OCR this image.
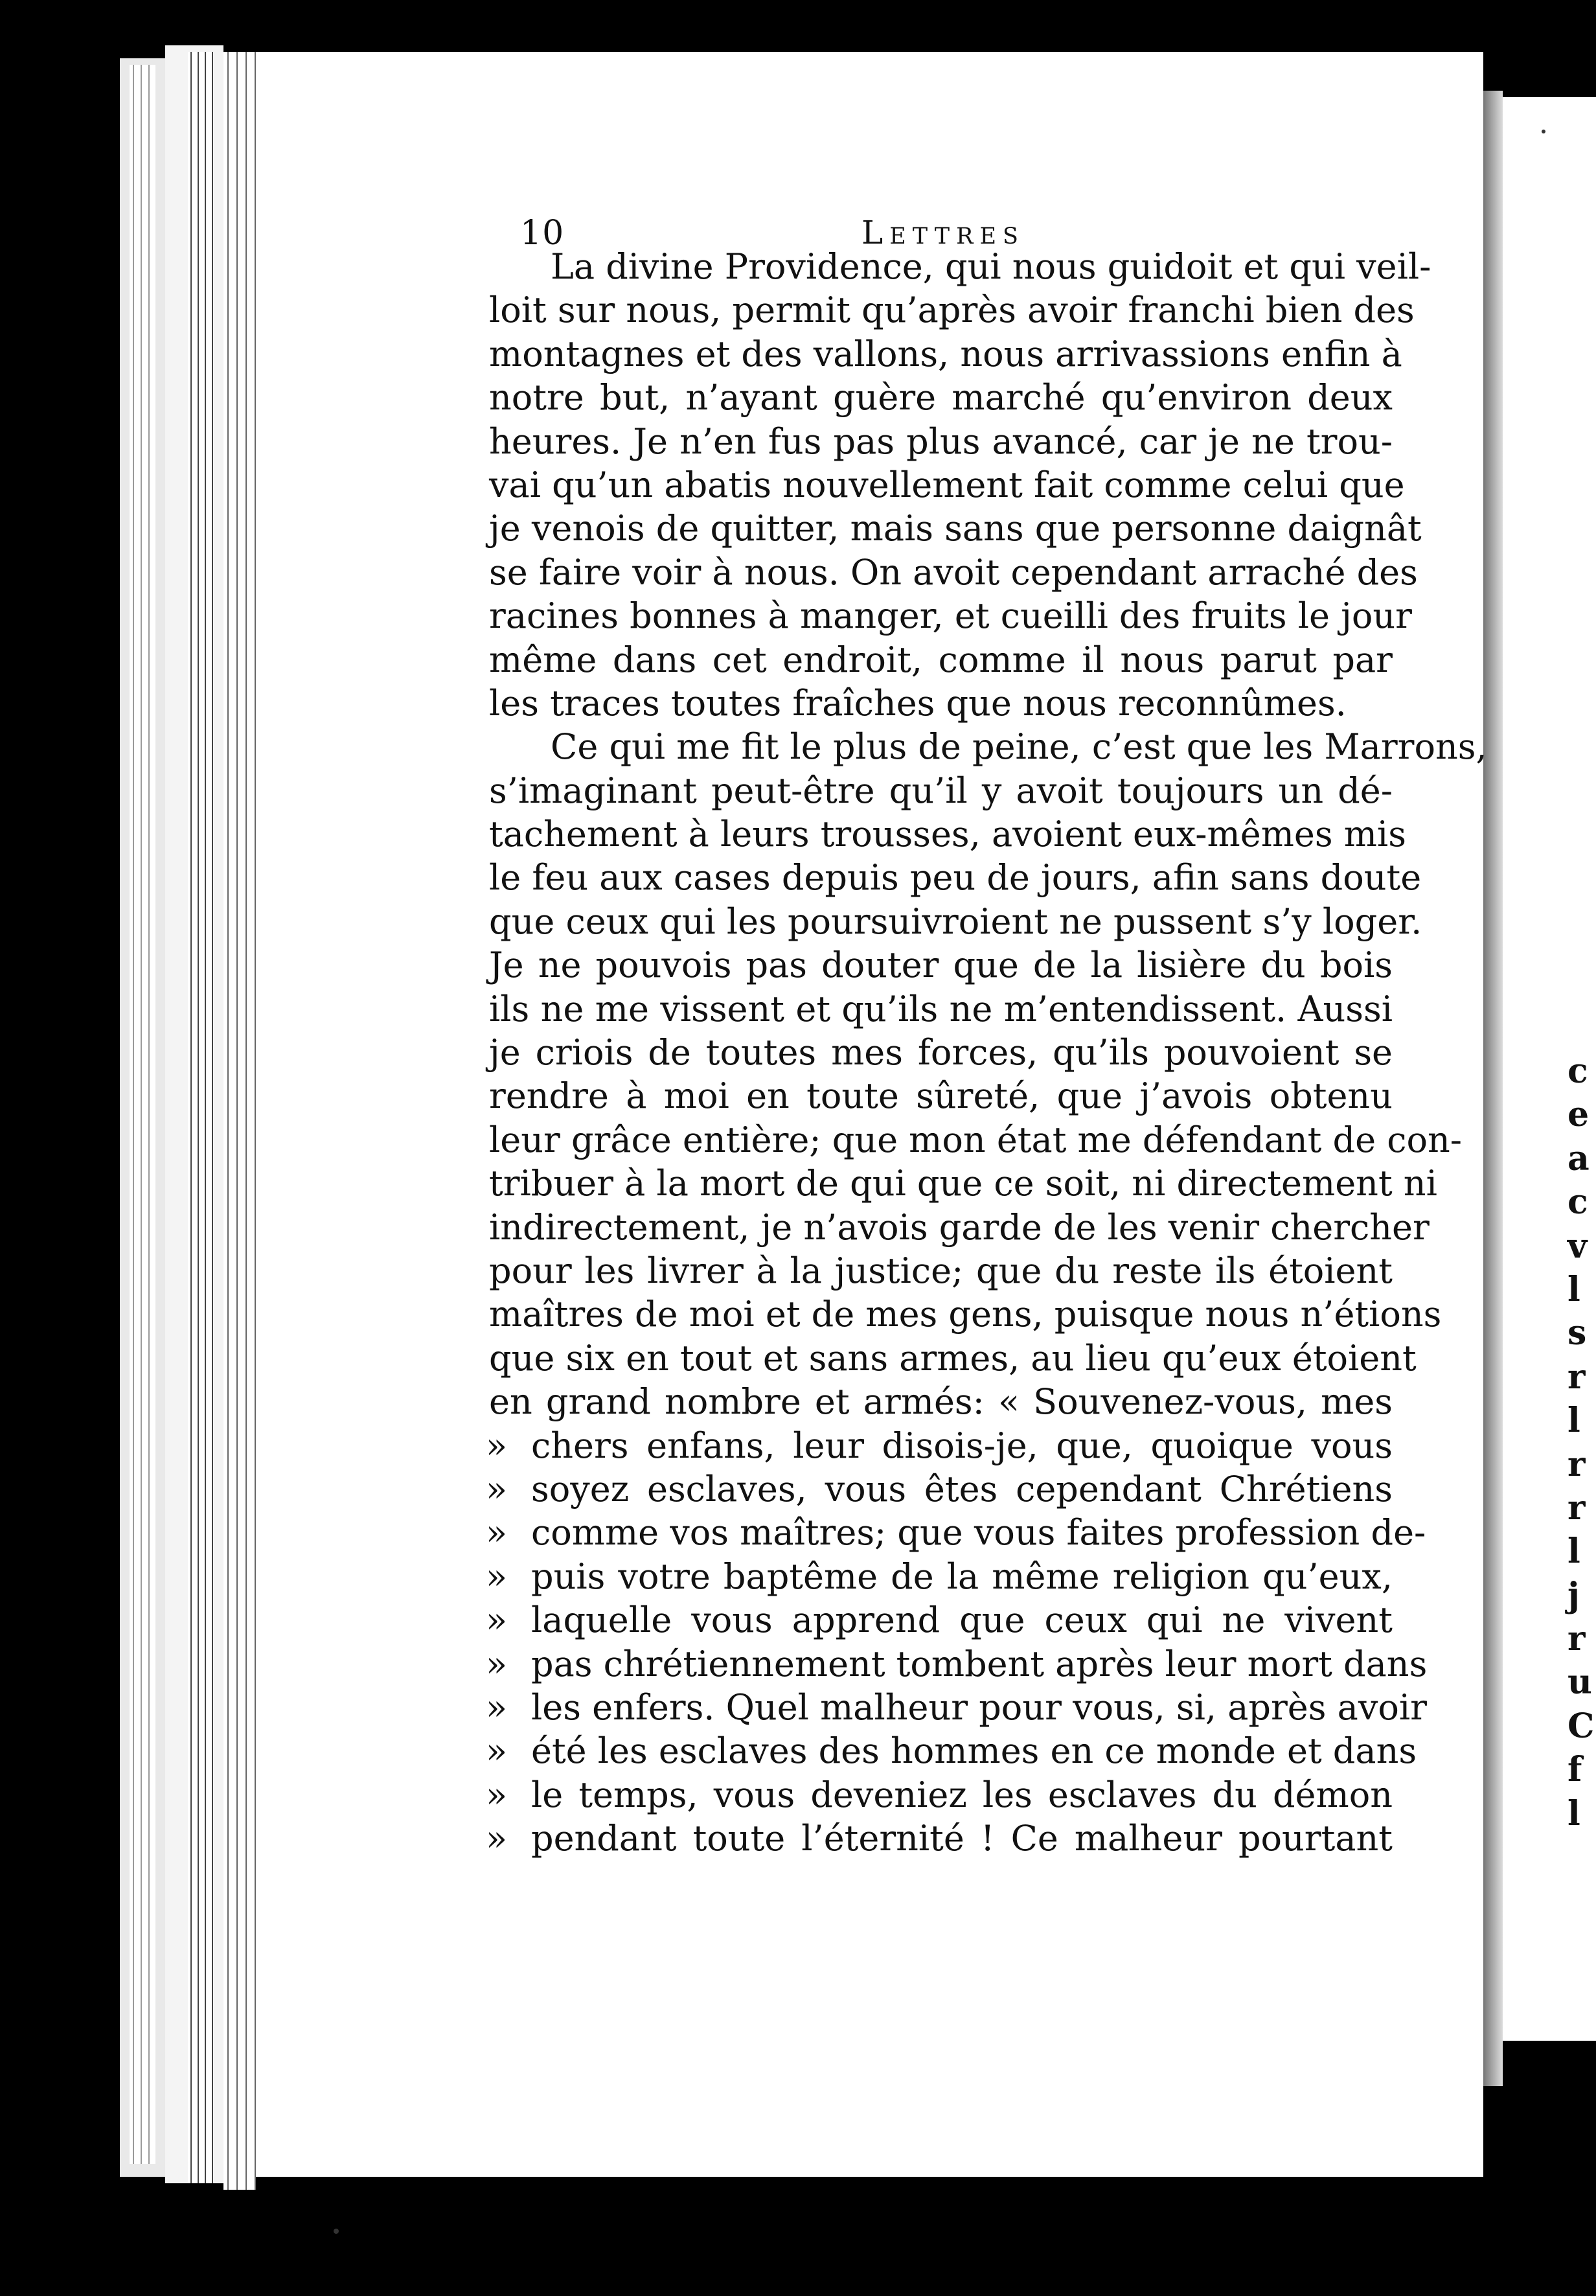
10	Lettres
La divine Providence, qui nous guidoit et qui veil-
loit sur nous, permit qu’après avoir franchi bien des
montagnes et des vallons, nous arrivassions enfin à
notre but, n’ayant guère marché qu’environ deux
heures. Je n’en fus pas plus avancé, car je ne trou-
vai qu’un abatis nouvellement fait comme celui que
je venois de quitter, mais sans que personne daignât
se faire voir à nous. On avoit cependant arraché des
racines bonnes à manger, et cueilli des fruits le jour
même dans cet endroit, comme il nous parut par
les traces toutes fraîches que nous reconnûmes.
Ce qui me fit le plus de peine, c’est que les Marrons,
s’imaginant peut-être qu’il y avoit toujours un dé-
tachement à leurs trousses, avoient eux-mêmes mis
le feu aux cases depuis peu de jours, afin sans doute
que ceux qui les poursuivroient ne pussent s’y loger.
Je ne pouvois pas douter que de la lisière du bois
ils ne me vissent et qu’ils ne m’entendissent. Aussi
je criois de toutes mes forces, qu’ils pouvoient se
rendre à moi en toute sûreté, que j’avois obtenu
leur grâce entière; que mon état me défendant de con-
tribuer à la mort de qui que ce soit, ni directement ni
indirectement, je n’avois garde de les venir chercher
pour les livrer à la justice; que du reste ils étoient
maîtres de moi et de mes gens, puisque nous n’étions
que six en tout et sans armes, au lieu qu’eux étoient
en grand nombre et armés: « Souvenez-vous, mes
» chers enfans, leur disois-je, que, quoique vous
» soyez esclaves, vous êtes cependant Chrétiens
» comme vos maîtres; que vous faites profession de-
» puis votre baptême de la même religion qu’eux,
» laquelle vous apprend que ceux qui ne vivent
» pas chrétiennement tombent après leur mort dans
» les enfers. Quel malheur pour vous, si, après avoir
» été les esclaves des hommes en ce monde et dans
» le temps, vous deveniez les esclaves du démon
» pendant toute l’éternité ! Ce malheur pourtant
c
e
a
c
v
l
s
r
l
r
r
l
j
r
u
C
f
l
